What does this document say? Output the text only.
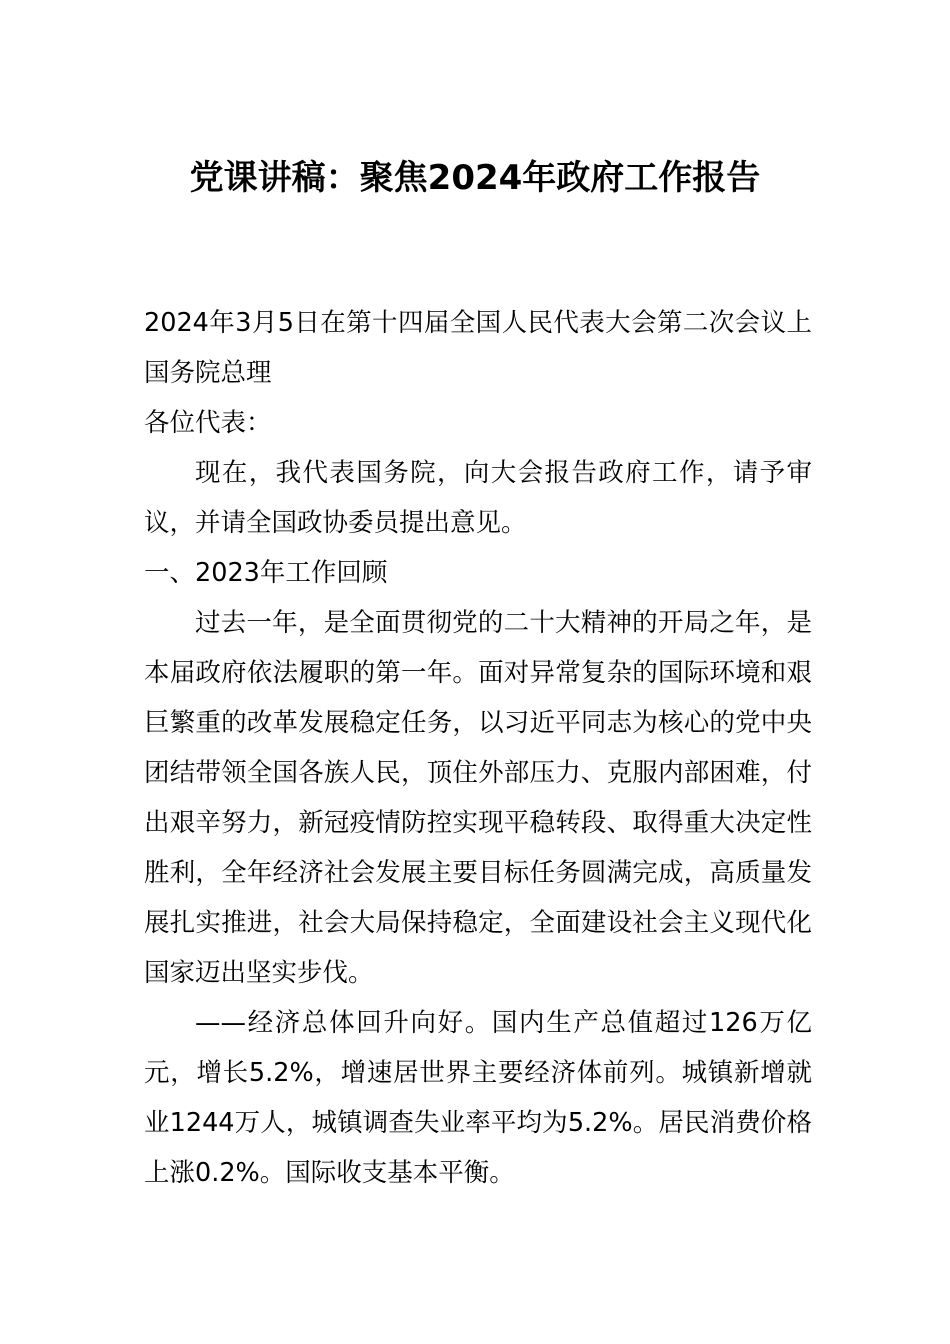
党课讲稿：聚焦2024年政府工作报告

2024年3月5日在第十四届全国人民代表大会第二次会议上国务院总理

各位代表：

现在，我代表国务院，向大会报告政府工作，请予审议，并请全国政协委员提出意见。

一、2023年工作回顾

过去一年，是全面贯彻党的二十大精神的开局之年，是本届政府依法履职的第一年。面对异常复杂的国际环境和艰巨繁重的改革发展稳定任务，以习近平同志为核心的党中央团结带领全国各族人民，顶住外部压力、克服内部困难，付出艰辛努力，新冠疫情防控实现平稳转段、取得重大决定性胜利，全年经济社会发展主要目标任务圆满完成，高质量发展扎实推进，社会大局保持稳定，全面建设社会主义现代化国家迈出坚实步伐。

——经济总体回升向好。国内生产总值超过126万亿元，增长5.2%，增速居世界主要经济体前列。城镇新增就业1244万人，城镇调查失业率平均为5.2%。居民消费价格上涨0.2%。国际收支基本平衡。
